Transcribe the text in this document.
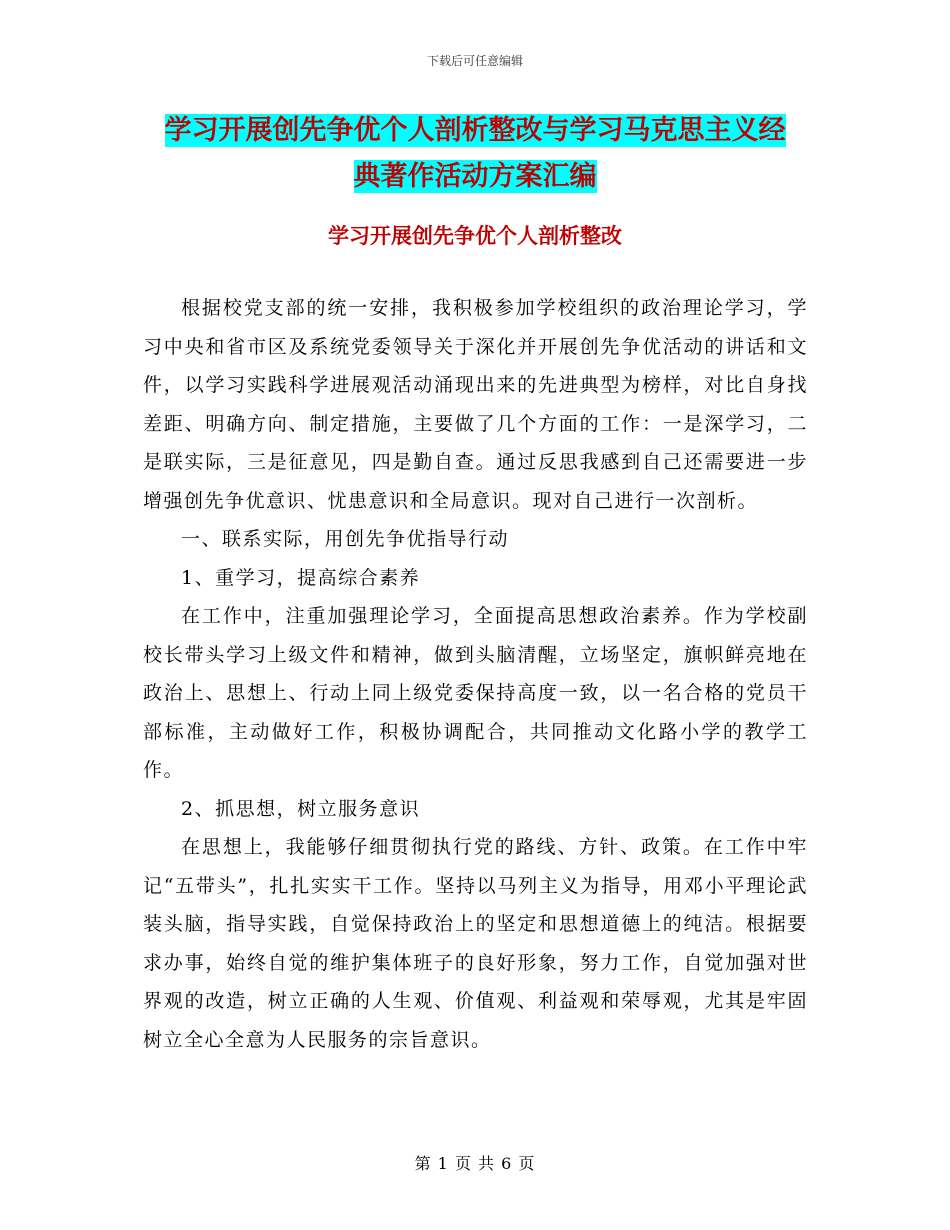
下载后可任意编辑
学习开展创先争优个人剖析整改与学习马克思主义经
典著作活动方案汇编
学习开展创先争优个人剖析整改

根据校党支部的统一安排，我积极参加学校组织的政治理论学习，学习中央和省市区及系统党委领导关于深化并开展创先争优活动的讲话和文件，以学习实践科学进展观活动涌现出来的先进典型为榜样，对比自身找差距、明确方向、制定措施，主要做了几个方面的工作：一是深学习，二是联实际，三是征意见，四是勤自查。通过反思我感到自己还需要进一步增强创先争优意识、忧患意识和全局意识。现对自己进行一次剖析。

一、联系实际，用创先争优指导行动

1、重学习，提高综合素养

在工作中，注重加强理论学习，全面提高思想政治素养。作为学校副校长带头学习上级文件和精神，做到头脑清醒，立场坚定，旗帜鲜亮地在政治上、思想上、行动上同上级党委保持高度一致，以一名合格的党员干部标准，主动做好工作，积极协调配合，共同推动文化路小学的教学工作。

2、抓思想，树立服务意识

在思想上，我能够仔细贯彻执行党的路线、方针、政策。在工作中牢记“五带头”，扎扎实实干工作。坚持以马列主义为指导，用邓小平理论武装头脑，指导实践，自觉保持政治上的坚定和思想道德上的纯洁。根据要求办事，始终自觉的维护集体班子的良好形象，努力工作，自觉加强对世界观的改造，树立正确的人生观、价值观、利益观和荣辱观，尤其是牢固树立全心全意为人民服务的宗旨意识。

第 1 页 共 6 页
